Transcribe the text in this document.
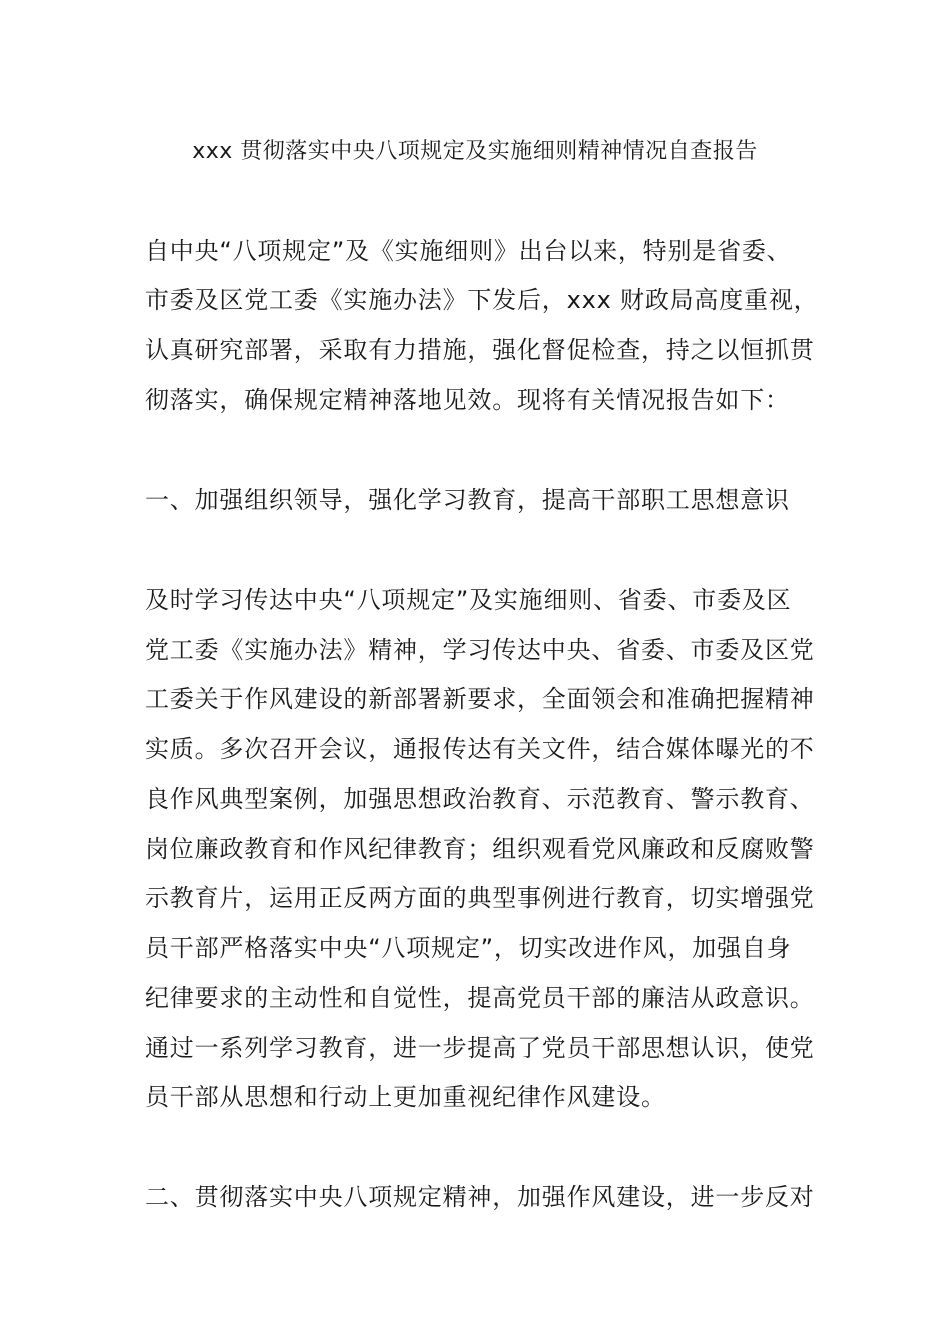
xxx 贯彻落实中央八项规定及实施细则精神情况自查报告
自中央“八项规定”及《实施细则》出台以来，特别是省委、
市委及区党工委《实施办法》下发后，xxx 财政局高度重视，
认真研究部署，采取有力措施，强化督促检查，持之以恒抓贯
彻落实，确保规定精神落地见效。现将有关情况报告如下：
一、加强组织领导，强化学习教育，提高干部职工思想意识
及时学习传达中央“八项规定”及实施细则、省委、市委及区
党工委《实施办法》精神，学习传达中央、省委、市委及区党
工委关于作风建设的新部署新要求，全面领会和准确把握精神
实质。多次召开会议，通报传达有关文件，结合媒体曝光的不
良作风典型案例，加强思想政治教育、示范教育、警示教育、
岗位廉政教育和作风纪律教育；组织观看党风廉政和反腐败警
示教育片，运用正反两方面的典型事例进行教育，切实增强党
员干部严格落实中央“八项规定”，切实改进作风，加强自身
纪律要求的主动性和自觉性，提高党员干部的廉洁从政意识。
通过一系列学习教育，进一步提高了党员干部思想认识，使党
员干部从思想和行动上更加重视纪律作风建设。
二、贯彻落实中央八项规定精神，加强作风建设，进一步反对
